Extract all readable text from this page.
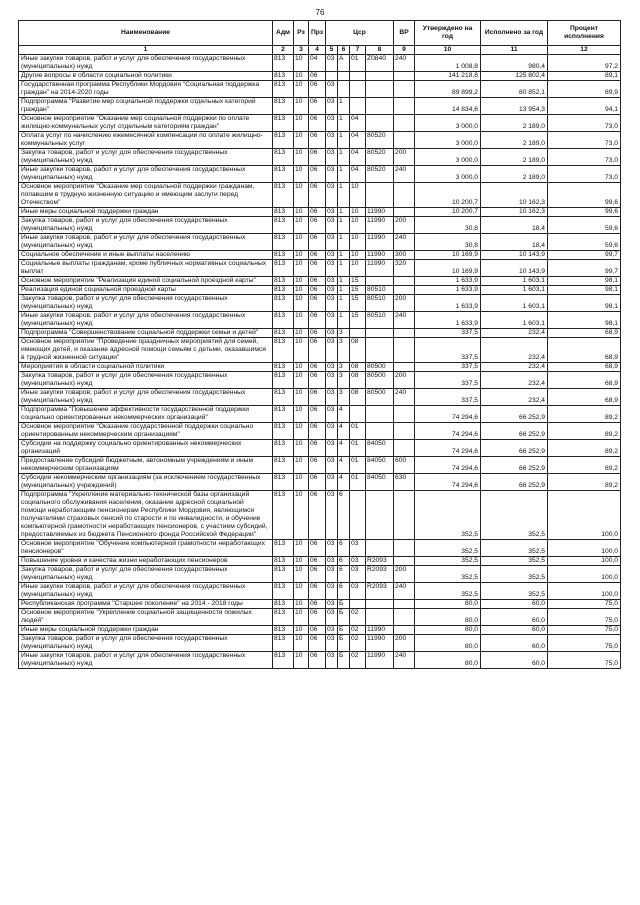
76
Наименование	Адм	Рз	Прз	Цср				ВР	Утверждено на год	Исполнено за год	Процент исполнения
1	2	3	4	5	6	7	8	9	10	11	12
Иные закупки товаров, работ и услуг для обеспечения государственных (муниципальных) нужд	813	10	04	03	А	01	Z0840	240	1 008,8	980,4	97,2
Другие вопросы в области социальной политики	813	10	06						141 218,8	125 802,4	89,1
Государственная программа Республики Мордовия "Социальная поддержка граждан" на 2014-2020 годы	813	10	06	03					89 899,2	80 852,1	89,9
Подпрограмма "Развитие мер социальной поддержки отдельных категорий граждан"	813	10	06	03	1				14 834,6	13 954,3	94,1
Основное мероприятие "Оказание мер социальной поддержки по оплате жилищно-коммунальных услуг отдельным категориям граждан"	813	10	06	03	1	04			3 000,0	2 189,0	73,0
Оплата услуг по начислению ежемесячной компенсации по оплате жилищно-коммунальных услуг	813	10	06	03	1	04	80520		3 000,0	2 189,0	73,0
Закупка товаров, работ и услуг для обеспечения государственных (муниципальных) нужд	813	10	06	03	1	04	80520	200	3 000,0	2 189,0	73,0
Иные закупки товаров, работ и услуг для обеспечения государственных (муниципальных) нужд	813	10	06	03	1	04	80520	240	3 000,0	2 189,0	73,0
Основное мероприятие "Оказание мер социальной поддержки гражданам, попавшим в трудную жизненную ситуацию и имеющим заслуги перед Отечеством"	813	10	06	03	1	10			10 200,7	10 162,3	99,6
Иные меры социальной поддержки граждан	813	10	06	03	1	10	11990		10 200,7	10 162,3	99,6
Закупка товаров, работ и услуг для обеспечения государственных (муниципальных) нужд	813	10	06	03	1	10	11990	200	30,8	18,4	59,6
Иные закупки товаров, работ и услуг для обеспечения государственных (муниципальных) нужд	813	10	06	03	1	10	11990	240	30,8	18,4	59,6
Социальное обеспечение и иные выплаты населению	813	10	06	03	1	10	11990	300	10 169,9	10 143,9	99,7
Социальные выплаты гражданам, кроме публичных нормативных социальных выплат	813	10	06	03	1	10	11990	320	10 169,9	10 143,9	99,7
Основное мероприятие "Реализация единой социальной проездной карты"	813	10	06	03	1	15			1 633,9	1 603,1	98,1
Реализация единой социальной проездной карты	813	10	06	03	1	15	80510		1 633,9	1 603,1	98,1
Закупка товаров, работ и услуг для обеспечения государственных (муниципальных) нужд	813	10	06	03	1	15	80510	200	1 633,9	1 603,1	98,1
Иные закупки товаров, работ и услуг для обеспечения государственных (муниципальных) нужд	813	10	06	03	1	15	80510	240	1 633,9	1 603,1	98,1
Подпрограмма "Совершенствование социальной поддержки семьи и детей"	813	10	06	03	3				337,5	232,4	68,9
Основное мероприятие "Проведение праздничных мероприятий для семей, имеющих детей, и оказание адресной помощи семьям с детьми, оказавшимся в трудной жизненной ситуации"	813	10	06	03	3	08			337,5	232,4	68,9
Мероприятия в области социальной политики	813	10	06	03	3	08	80500		337,5	232,4	68,9
Закупка товаров, работ и услуг для обеспечения государственных (муниципальных) нужд	813	10	06	03	3	08	80500	200	337,5	232,4	68,9
Иные закупки товаров, работ и услуг для обеспечения государственных (муниципальных) нужд	813	10	06	03	3	08	80500	240	337,5	232,4	68,9
Подпрограмма "Повышение эффективности государственной поддержки социально ориентированных некоммерческих организаций"	813	10	06	03	4				74 294,6	66 252,9	89,2
Основное мероприятие "Оказание государственной поддержки социально ориентированным некоммерческим организациям"	813	10	06	03	4	01			74 294,6	66 252,9	89,2
Субсидии на поддержку социально ориентированных некоммерческих организаций	813	10	06	03	4	01	84050		74 294,6	66 252,9	89,2
Предоставление субсидий бюджетным, автономным учреждениям и иным некоммерческим организациям	813	10	06	03	4	01	84050	600	74 294,6	66 252,9	89,2
Субсидии некоммерческим организациям (за исключением государственных (муниципальных) учреждений)	813	10	06	03	4	01	84050	630	74 294,6	66 252,9	89,2
Подпрограмма "Укрепление материально-технической базы организаций социального обслуживания населения, оказание адресной социальной помощи неработающим пенсионерам Республики Мордовия, являющимся получателями страховых пенсий по старости и по инвалидности, и обучение компьютерной грамотности неработающих пенсионеров, с участием субсидий, предоставляемых из бюджета Пенсионного фонда Российской Федерации"	813	10	06	03	6				352,5	352,5	100,0
Основное мероприятие "Обучение компьютерной грамотности неработающих пенсионеров"	813	10	06	03	6	03			352,5	352,5	100,0
Повышение уровня и качества жизни неработающих пенсионеров	813	10	06	03	6	03	R2093		352,5	352,5	100,0
Закупка товаров, работ и услуг для обеспечения государственных (муниципальных) нужд	813	10	06	03	6	03	R2093	200	352,5	352,5	100,0
Иные закупки товаров, работ и услуг для обеспечения государственных (муниципальных) нужд	813	10	06	03	6	03	R2093	240	352,5	352,5	100,0
Республиканская программа "Старшее поколение" на 2014 - 2018 годы	813	10	06	03	Б				80,0	60,0	75,0
Основное мероприятие "Укрепление социальной защищенности пожилых людей"	813	10	06	03	Б	02			80,0	60,0	75,0
Иные меры социальной поддержки граждан	813	10	06	03	Б	02	11990		80,0	60,0	75,0
Закупка товаров, работ и услуг для обеспечения государственных (муниципальных) нужд	813	10	06	03	Б	02	11990	200	80,0	60,0	75,0
Иные закупки товаров, работ и услуг для обеспечения государственных (муниципальных) нужд	813	10	06	03	Б	02	11990	240	80,0	60,0	75,0
